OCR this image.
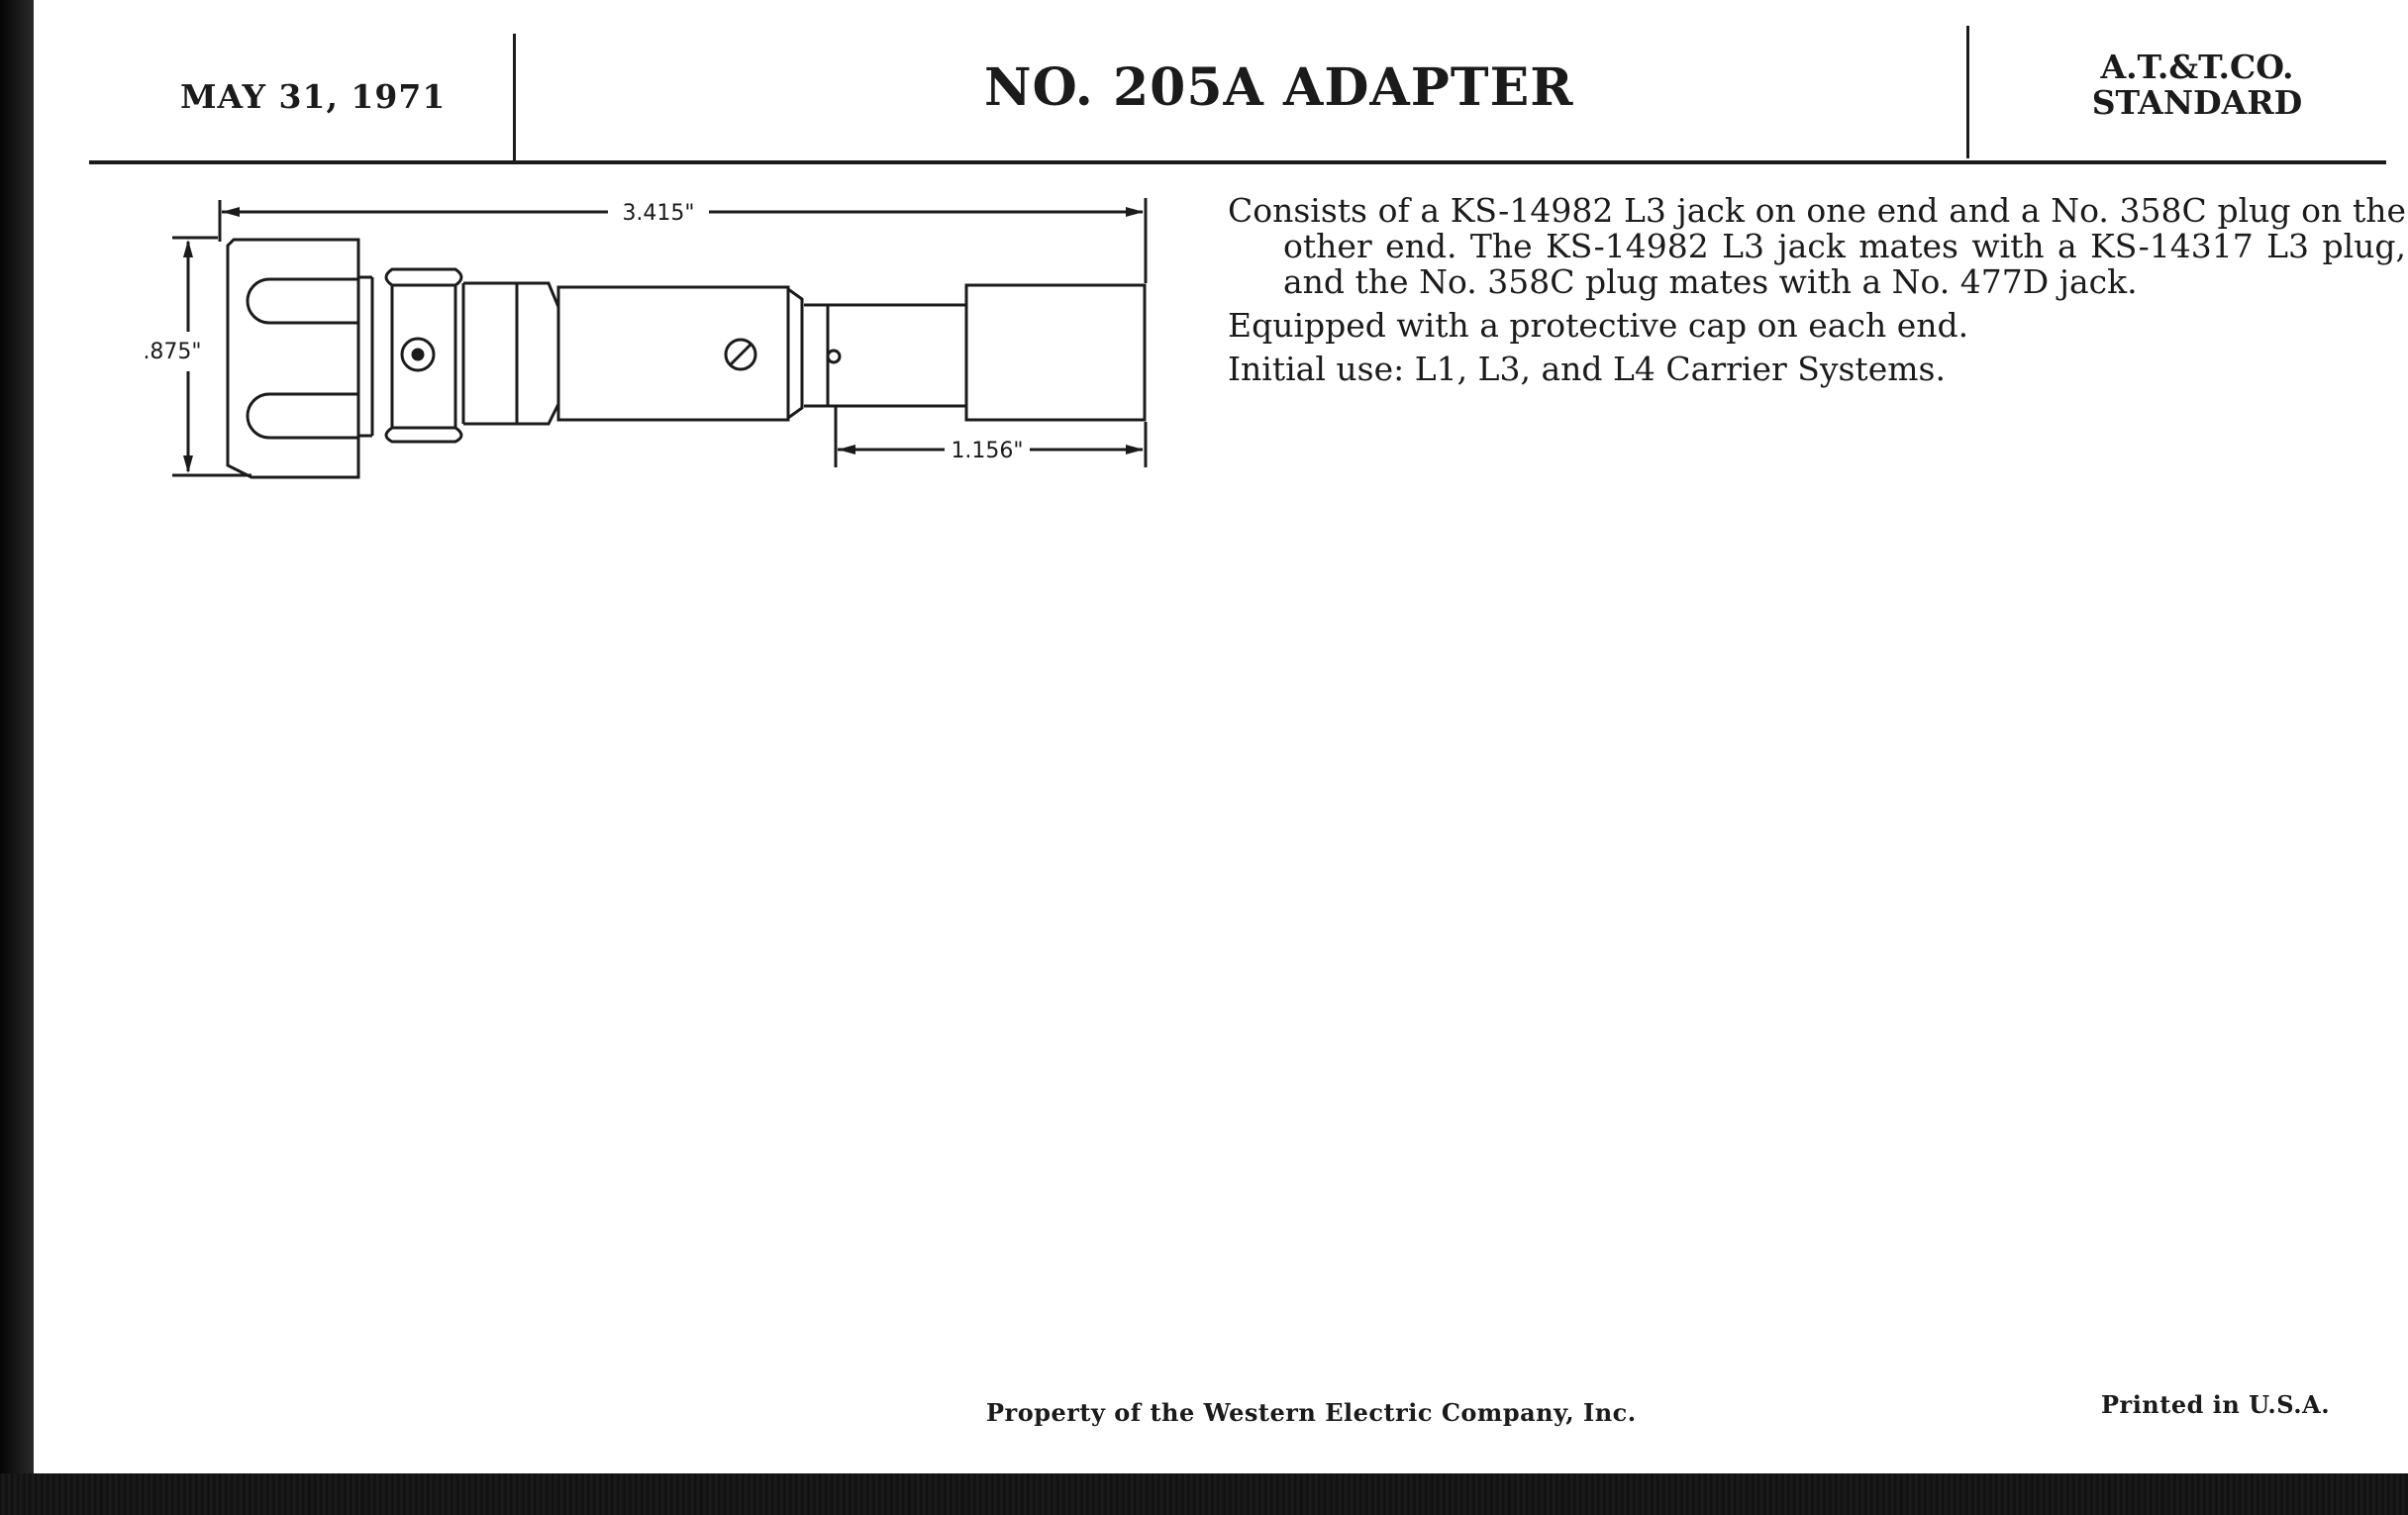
MAY 31, 1971	NO. 205A ADAPTER	A.T.&T.CO.
STANDARD
3.415"
.875"
1.156"

Consists of a KS-14982 L3 jack on one end and a No. 358C plug on the other end. The KS-14982 L3 jack mates with a KS-14317 L3 plug, and the No. 358C plug mates with a No. 477D jack.

Equipped with a protective cap on each end.

Initial use: L1, L3, and L4 Carrier Systems.

Property of the Western Electric Company, Inc.	Printed in U.S.A.
